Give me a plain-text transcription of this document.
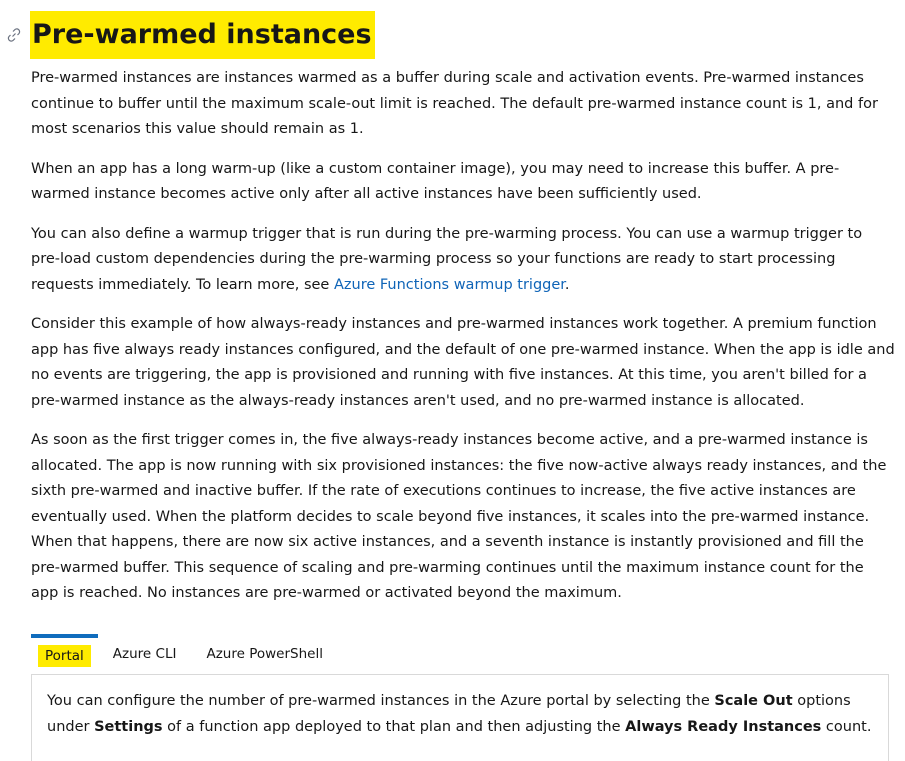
Pre-warmed instances

Pre-warmed instances are instances warmed as a buffer during scale and activation events. Pre-warmed instances continue to buffer until the maximum scale-out limit is reached. The default pre-warmed instance count is 1, and for most scenarios this value should remain as 1.

When an app has a long warm-up (like a custom container image), you may need to increase this buffer. A pre-warmed instance becomes active only after all active instances have been sufficiently used.

You can also define a warmup trigger that is run during the pre-warming process. You can use a warmup trigger to pre-load custom dependencies during the pre-warming process so your functions are ready to start processing requests immediately. To learn more, see Azure Functions warmup trigger.

Consider this example of how always-ready instances and pre-warmed instances work together. A premium function app has five always ready instances configured, and the default of one pre-warmed instance. When the app is idle and no events are triggering, the app is provisioned and running with five instances. At this time, you aren't billed for a pre-warmed instance as the always-ready instances aren't used, and no pre-warmed instance is allocated.

As soon as the first trigger comes in, the five always-ready instances become active, and a pre-warmed instance is allocated. The app is now running with six provisioned instances: the five now-active always ready instances, and the sixth pre-warmed and inactive buffer. If the rate of executions continues to increase, the five active instances are eventually used. When the platform decides to scale beyond five instances, it scales into the pre-warmed instance. When that happens, there are now six active instances, and a seventh instance is instantly provisioned and fill the pre-warmed buffer. This sequence of scaling and pre-warming continues until the maximum instance count for the app is reached. No instances are pre-warmed or activated beyond the maximum.

Portal	Azure CLI	Azure PowerShell

You can configure the number of pre-warmed instances in the Azure portal by selecting the Scale Out options under Settings of a function app deployed to that plan and then adjusting the Always Ready Instances count.
